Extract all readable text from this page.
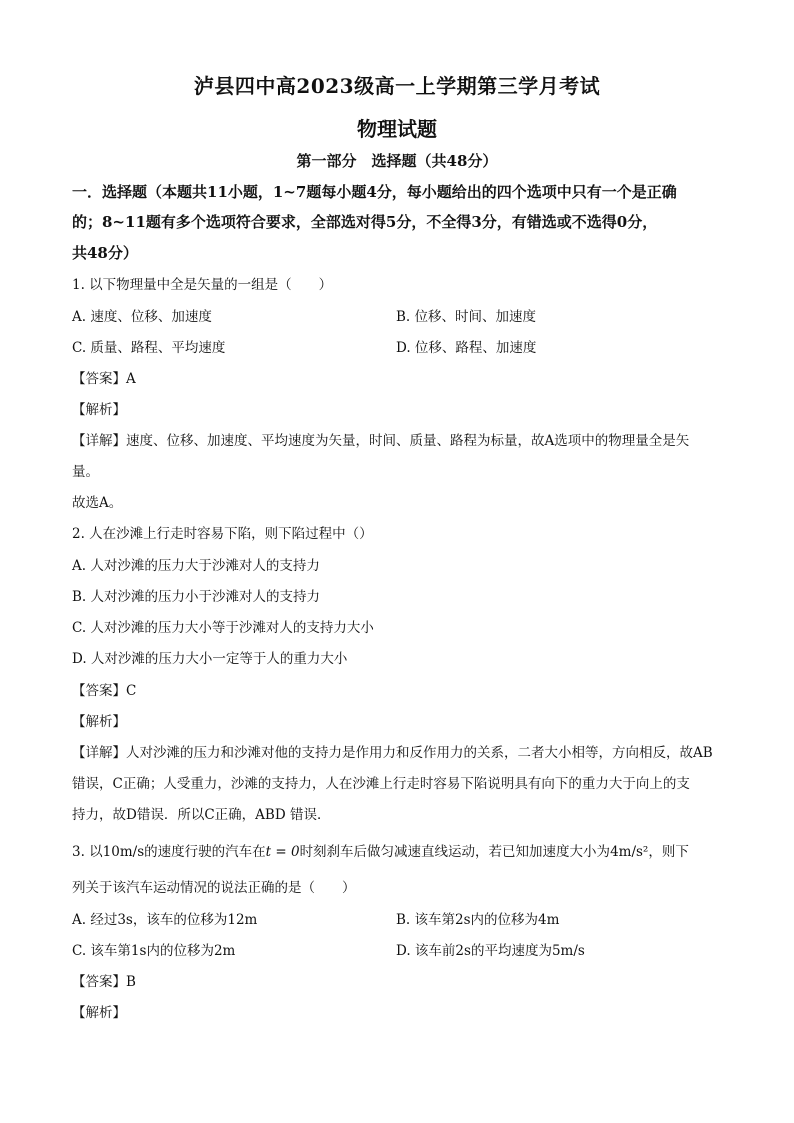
泸县四中高2023级高一上学期第三学月考试
物理试题
第一部分　选择题（共48分）
一．选择题（本题共11小题，1~7题每小题4分，每小题给出的四个选项中只有一个是正确
的；8~11题有多个选项符合要求，全部选对得5分，不全得3分，有错选或不选得0分，
共48分）
1. 以下物理量中全是矢量的一组是（　　）
A. 速度、位移、加速度	B. 位移、时间、加速度
C. 质量、路程、平均速度	D. 位移、路程、加速度
【答案】A
【解析】
【详解】速度、位移、加速度、平均速度为矢量，时间、质量、路程为标量，故A选项中的物理量全是矢
量。
故选A。
2. 人在沙滩上行走时容易下陷，则下陷过程中（）
A. 人对沙滩的压力大于沙滩对人的支持力
B. 人对沙滩的压力小于沙滩对人的支持力
C. 人对沙滩的压力大小等于沙滩对人的支持力大小
D. 人对沙滩的压力大小一定等于人的重力大小
【答案】C
【解析】
【详解】人对沙滩的压力和沙滩对他的支持力是作用力和反作用力的关系，二者大小相等，方向相反，故AB
错误，C正确；人受重力，沙滩的支持力，人在沙滩上行走时容易下陷说明具有向下的重力大于向上的支
持力，故D错误．所以C正确，ABD 错误．
3. 以10m/s的速度行驶的汽车在t = 0时刻刹车后做匀减速直线运动，若已知加速度大小为4m/s²，则下
列关于该汽车运动情况的说法正确的是（　　）
A. 经过3s，该车的位移为12m	B. 该车第2s内的位移为4m
C. 该车第1s内的位移为2m	D. 该车前2s的平均速度为5m/s
【答案】B
【解析】
